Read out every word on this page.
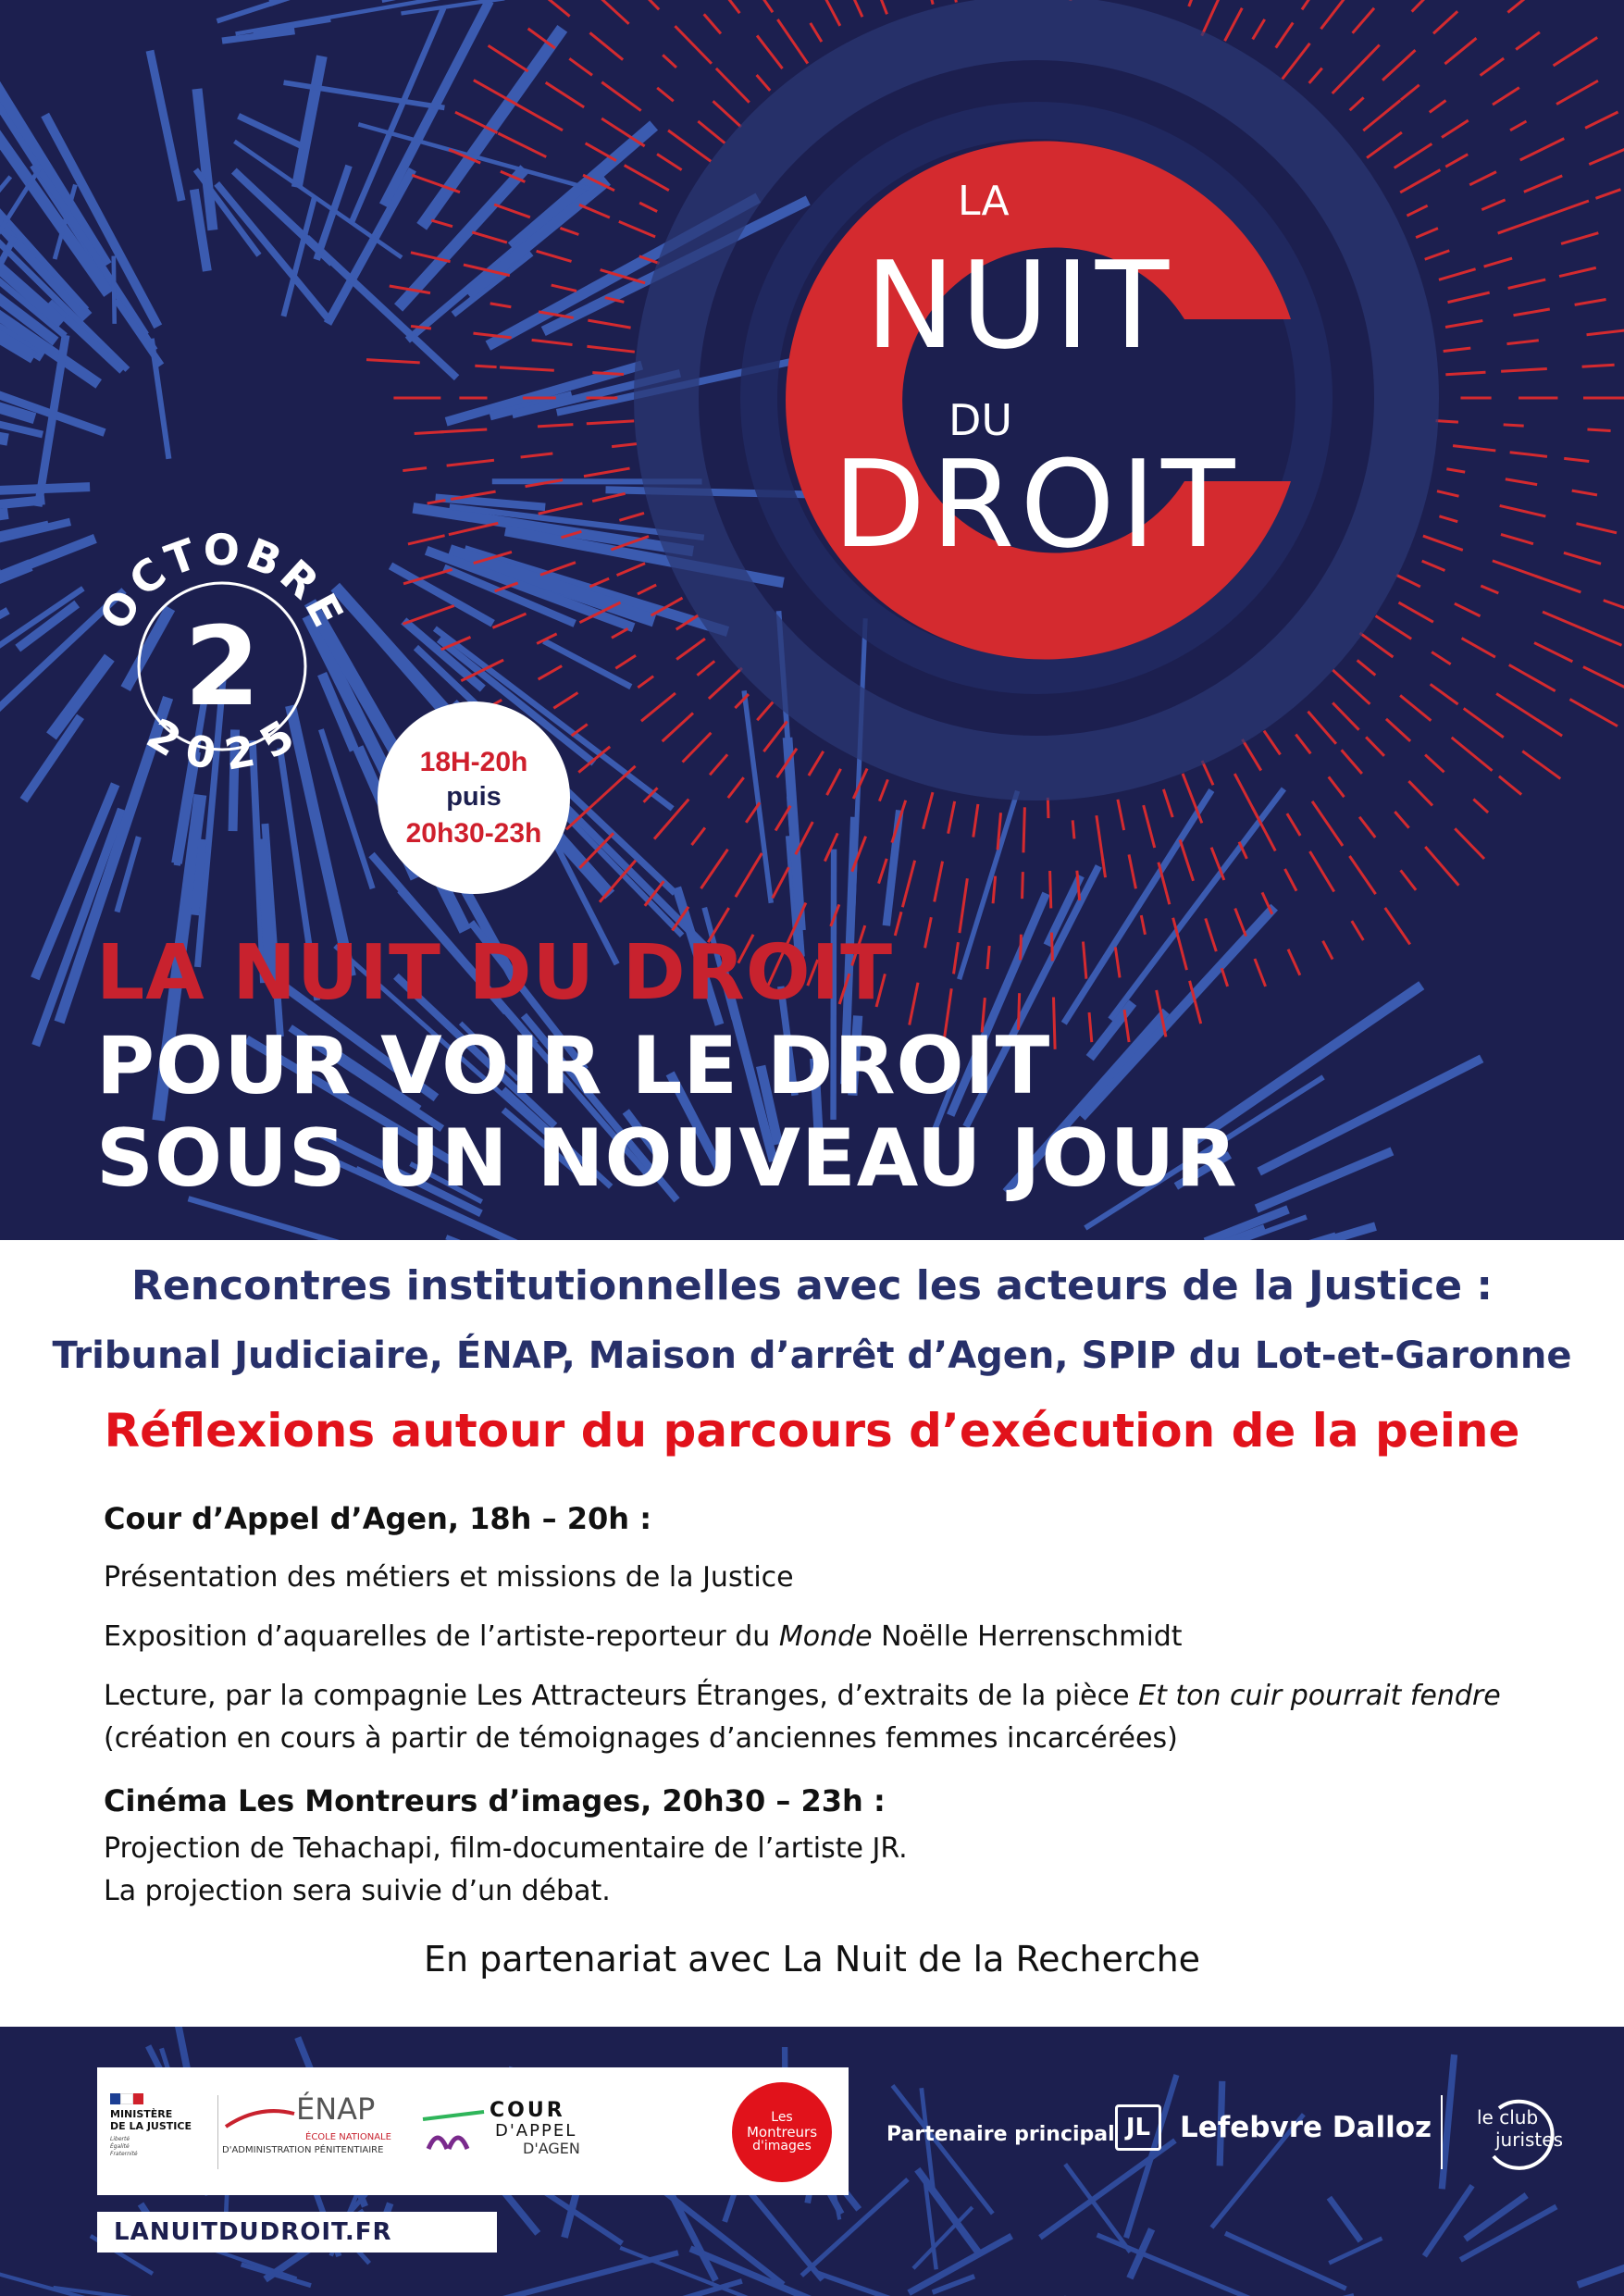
LA
NUIT
DU
DROIT
OCTOBRE
2025
2
18H-20h
puis
20h30-23h
LA NUIT DU DROIT
POUR VOIR LE DROIT
SOUS UN NOUVEAU JOUR
Rencontres institutionnelles avec les acteurs de la Justice :
Tribunal Judiciaire, ÉNAP, Maison d’arrêt d’Agen, SPIP du Lot-et-Garonne
Réflexions autour du parcours d’exécution de la peine
Cour d’Appel d’Agen, 18h – 20h :
Présentation des métiers et missions de la Justice
Exposition d’aquarelles de l’artiste-reporteur du Monde Noëlle Herrenschmidt
Lecture, par la compagnie Les Attracteurs Étranges, d’extraits de la pièce Et ton cuir pourrait fendre
(création en cours à partir de témoignages d’anciennes femmes incarcérées)
Cinéma Les Montreurs d’images, 20h30 – 23h :
Projection de Tehachapi, film-documentaire de l’artiste JR.
La projection sera suivie d’un débat.
En partenariat avec La Nuit de la Recherche
MINISTÈRE
DE LA JUSTICE
Liberté
Égalité
Fraternité
ÉNAP
ÉCOLE NATIONALE
D'ADMINISTRATION PÉNITENTIAIRE
COUR
D'APPEL
D'AGEN
Les
Montreurs
d'images
LANUITDUDROIT.FR
Partenaire principal JL	Lefebvre Dalloz le club
juristes
